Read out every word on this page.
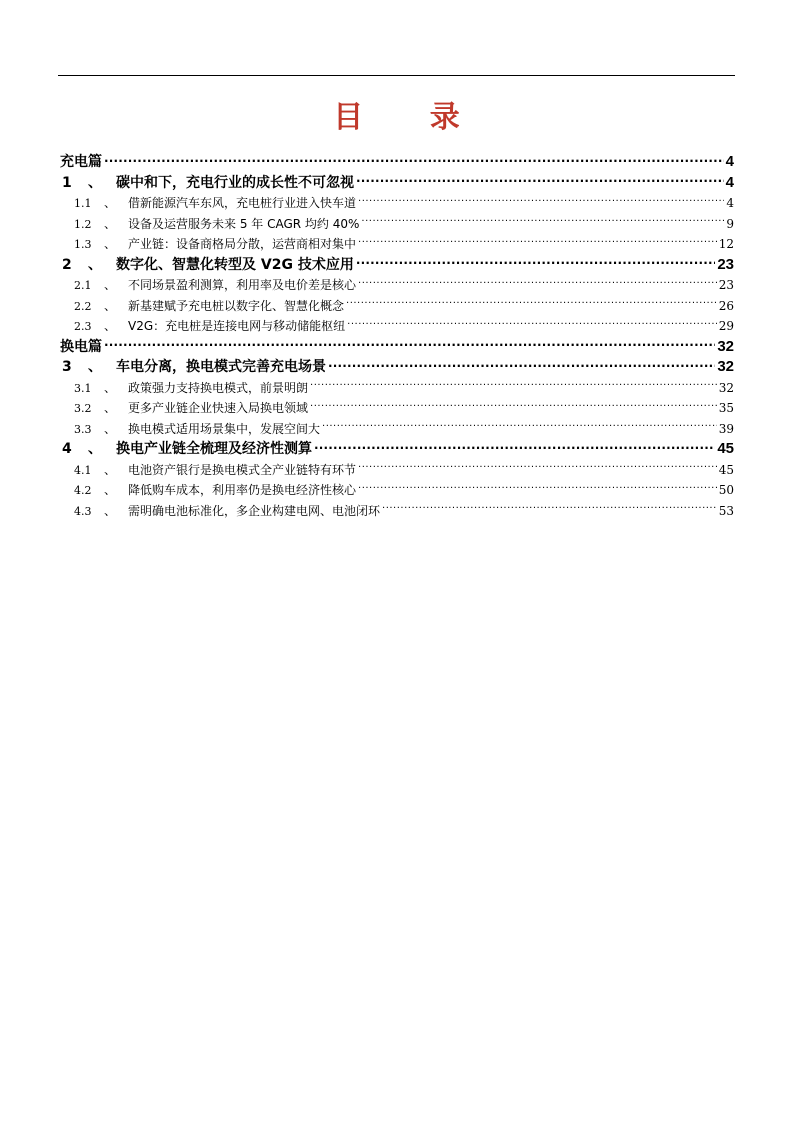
目 录
充电篇 .....	4
1	、	碳中和下，充电行业的成长性不可忽视 .....	4
1.1	、 借新能源汽车东风，充电桩行业进入快车道 .....	4
1.2	、 设备及运营服务未来 5 年 CAGR 均约 40% .....	9
1.3	、 产业链：设备商格局分散，运营商相对集中 .....	12
2	、	数字化、智慧化转型及 V2G 技术应用 .....	23
2.1	、 不同场景盈利测算，利用率及电价差是核心 .....	23
2.2	、 新基建赋予充电桩以数字化、智慧化概念 .....	26
2.3	、 V2G：充电桩是连接电网与移动储能枢纽 .....	29
换电篇 .....	32
3	、	车电分离，换电模式完善充电场景 .....	32
3.1	、 政策强力支持换电模式，前景明朗 .....	32
3.2	、 更多产业链企业快速入局换电领域 .....	35
3.3	、 换电模式适用场景集中，发展空间大 .....	39
4	、	换电产业链全梳理及经济性测算 .....	45
4.1	、 电池资产银行是换电模式全产业链特有环节 .....	45
4.2	、 降低购车成本，利用率仍是换电经济性核心 .....	50
4.3	、 需明确电池标准化，多企业构建电网、电池闭环 .....	53
